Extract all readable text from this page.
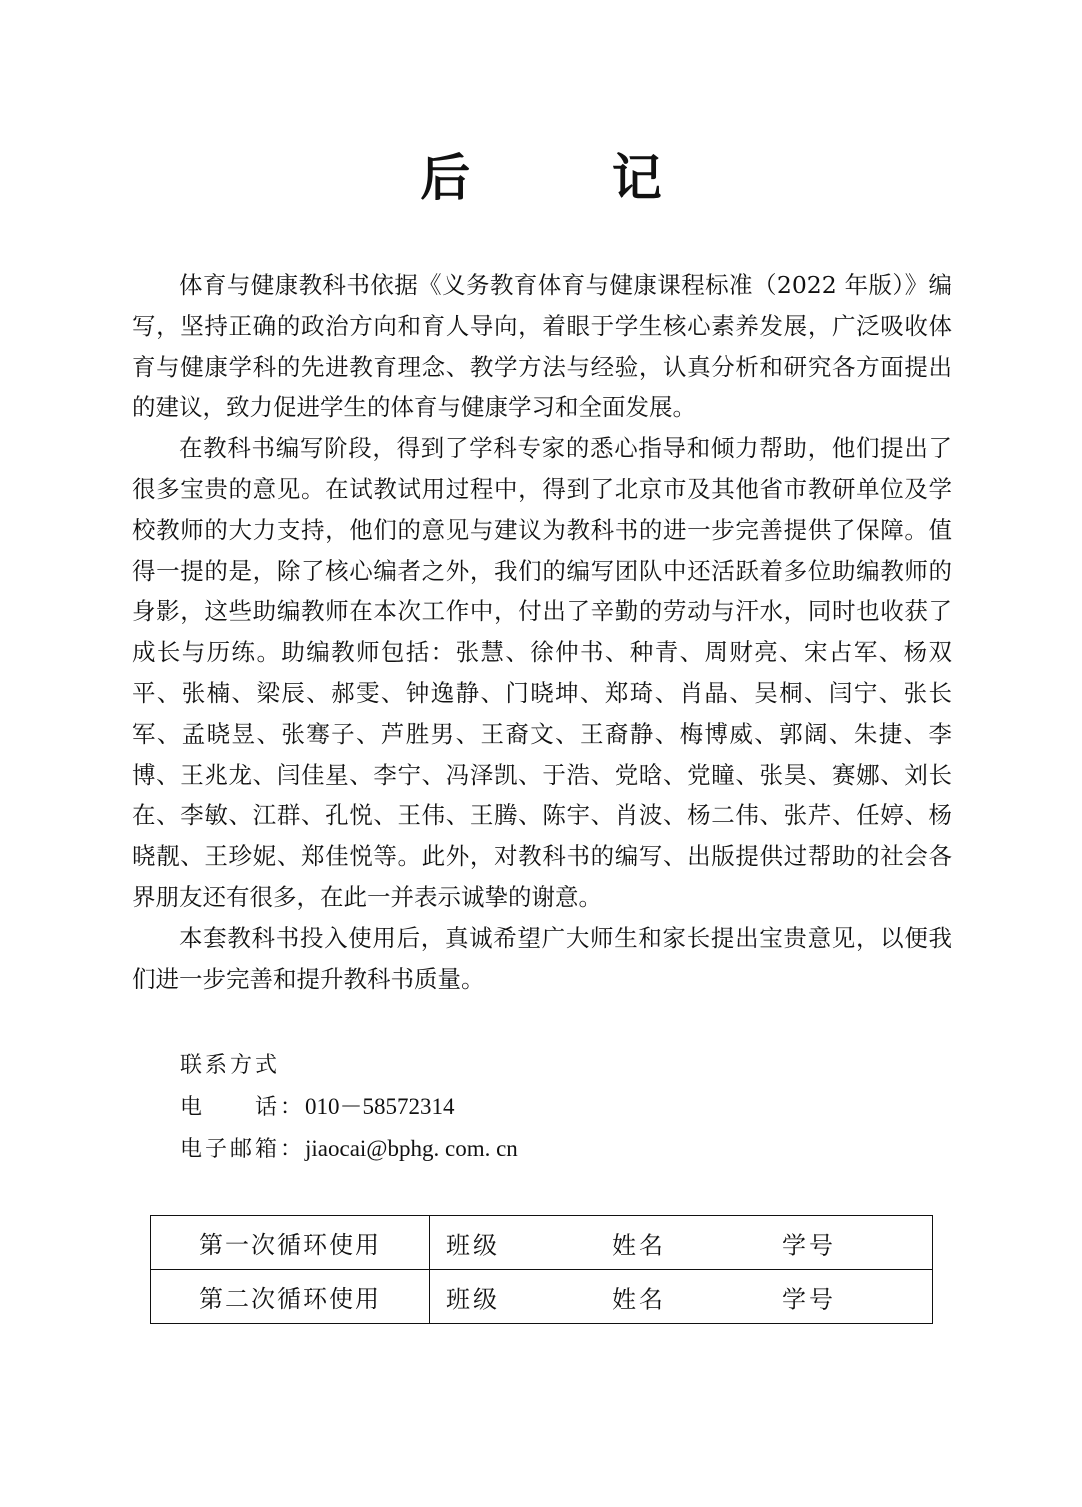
后 记

体育与健康教科书依据《义务教育体育与健康课程标准（2022 年版）》编写，坚持正确的政治方向和育人导向，着眼于学生核心素养发展，广泛吸收体育与健康学科的先进教育理念、教学方法与经验，认真分析和研究各方面提出的建议，致力促进学生的体育与健康学习和全面发展。

在教科书编写阶段，得到了学科专家的悉心指导和倾力帮助，他们提出了很多宝贵的意见。在试教试用过程中，得到了北京市及其他省市教研单位及学校教师的大力支持，他们的意见与建议为教科书的进一步完善提供了保障。值得一提的是，除了核心编者之外，我们的编写团队中还活跃着多位助编教师的身影，这些助编教师在本次工作中，付出了辛勤的劳动与汗水，同时也收获了成长与历练。助编教师包括：张慧、徐仲书、种青、周财亮、宋占军、杨双平、张楠、梁辰、郝雯、钟逸静、门晓坤、郑琦、肖晶、吴桐、闫宁、张长军、孟晓昱、张骞子、芦胜男、王裔文、王裔静、梅博威、郭阔、朱捷、李博、王兆龙、闫佳星、李宁、冯泽凯、于浩、党晗、党瞳、张昊、赛娜、刘长在、李敏、江群、孔悦、王伟、王腾、陈宇、肖波、杨二伟、张芹、任婷、杨晓靓、王珍妮、郑佳悦等。此外，对教科书的编写、出版提供过帮助的社会各界朋友还有很多，在此一并表示诚挚的谢意。

本套教科书投入使用后，真诚希望广大师生和家长提出宝贵意见，以便我们进一步完善和提升教科书质量。

联系方式
电　　话：010－58572314
电子邮箱：jiaocai@bphg. com. cn
第一次循环使用	班级 姓名 学号

第二次循环使用	班级 姓名 学号
